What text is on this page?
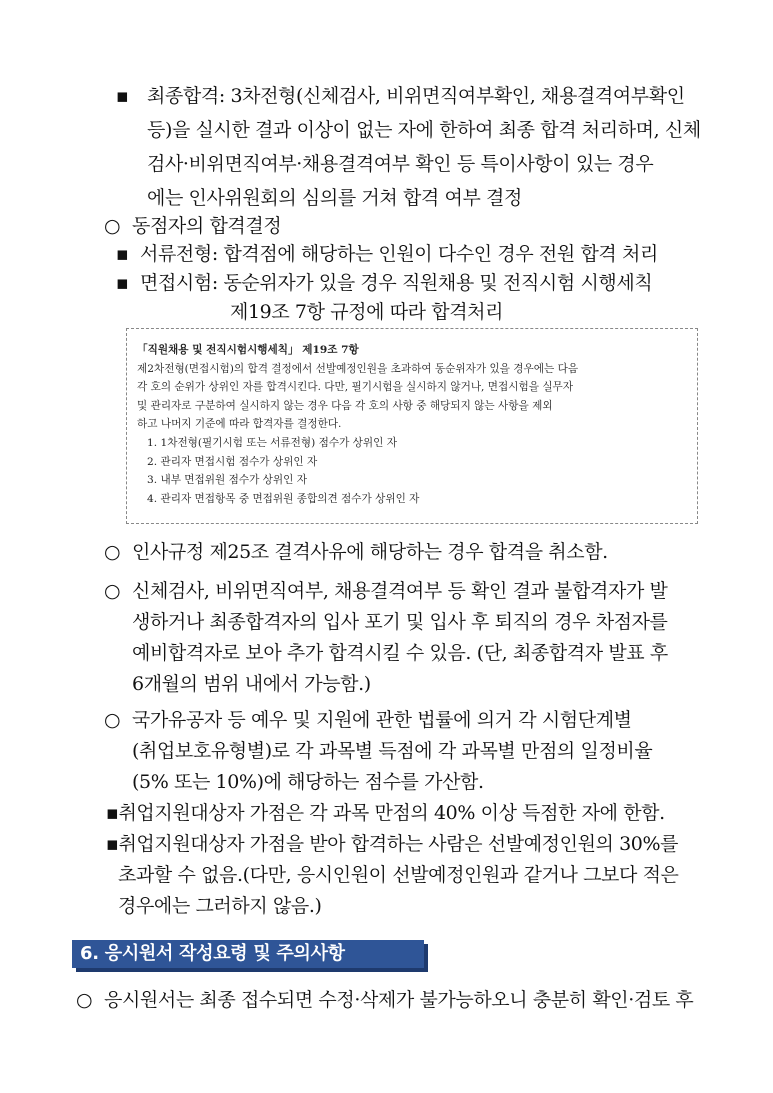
▪ 최종합격: 3차전형(신체검사, 비위면직여부확인, 채용결격여부확인
등)을 실시한 결과 이상이 없는 자에 한하여 최종 합격 처리하며, 신체
검사·비위면직여부·채용결격여부 확인 등 특이사항이 있는 경우
에는 인사위원회의 심의를 거쳐 합격 여부 결정
○ 동점자의 합격결정
▪ 서류전형: 합격점에 해당하는 인원이 다수인 경우 전원 합격 처리
▪ 면접시험: 동순위자가 있을 경우 직원채용 및 전직시험 시행세칙
제19조 7항 규정에 따라 합격처리
「직원채용 및 전직시험시행세칙」 제19조 7항
제2차전형(면접시험)의 합격 결정에서 선발예정인원을 초과하여 동순위자가 있을 경우에는 다음
각 호의 순위가 상위인 자를 합격시킨다. 다만, 필기시험을 실시하지 않거나, 면접시험을 실무자
및 관리자로 구분하여 실시하지 않는 경우 다음 각 호의 사항 중 해당되지 않는 사항을 제외
하고 나머지 기준에 따라 합격자를 결정한다.
1. 1차전형(필기시험 또는 서류전형) 점수가 상위인 자
2. 관리자 면접시험 점수가 상위인 자
3. 내부 면접위원 점수가 상위인 자
4. 관리자 면접항목 중 면접위원 종합의견 점수가 상위인 자
○ 인사규정 제25조 결격사유에 해당하는 경우 합격을 취소함.
○ 신체검사, 비위면직여부, 채용결격여부 등 확인 결과 불합격자가 발
생하거나 최종합격자의 입사 포기 및 입사 후 퇴직의 경우 차점자를
예비합격자로 보아 추가 합격시킬 수 있음. (단, 최종합격자 발표 후
6개월의 범위 내에서 가능함.)
○ 국가유공자 등 예우 및 지원에 관한 법률에 의거 각 시험단계별
(취업보호유형별)로 각 과목별 득점에 각 과목별 만점의 일정비율
(5% 또는 10%)에 해당하는 점수를 가산함.
▪취업지원대상자 가점은 각 과목 만점의 40% 이상 득점한 자에 한함.
▪취업지원대상자 가점을 받아 합격하는 사람은 선발예정인원의 30%를
초과할 수 없음.(다만, 응시인원이 선발예정인원과 같거나 그보다 적은
경우에는 그러하지 않음.)
6. 응시원서 작성요령 및 주의사항
○ 응시원서는 최종 접수되면 수정·삭제가 불가능하오니 충분히 확인·검토 후
